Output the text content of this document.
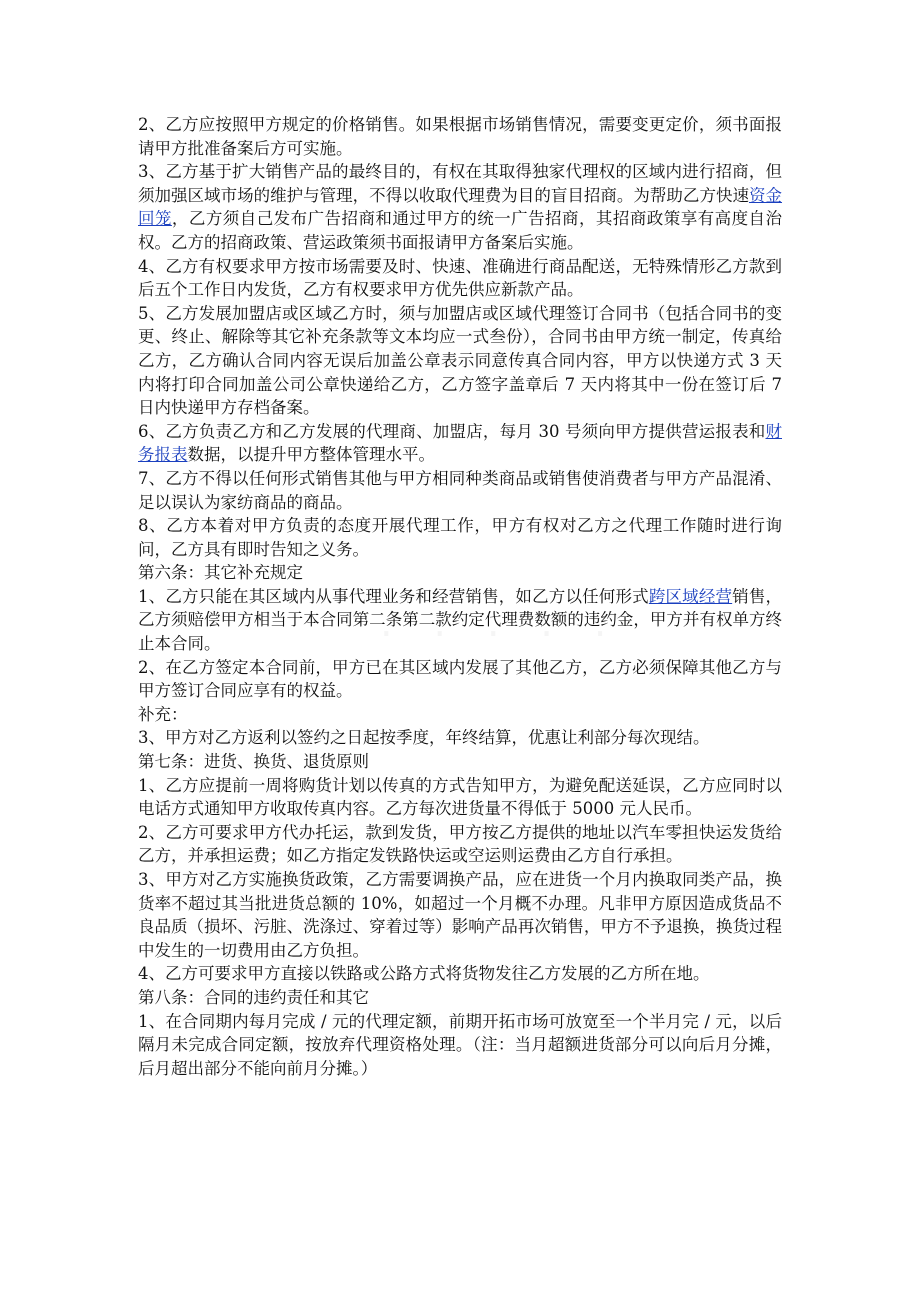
2、乙方应按照甲方规定的价格销售。如果根据市场销售情况，需要变更定价，须书面报请甲方批准备案后方可实施。

3、乙方基于扩大销售产品的最终目的，有权在其取得独家代理权的区域内进行招商，但须加强区域市场的维护与管理，不得以收取代理费为目的盲目招商。为帮助乙方快速资金回笼，乙方须自己发布广告招商和通过甲方的统一广告招商，其招商政策享有高度自治权。乙方的招商政策、营运政策须书面报请甲方备案后实施。

4、乙方有权要求甲方按市场需要及时、快速、准确进行商品配送，无特殊情形乙方款到后五个工作日内发货，乙方有权要求甲方优先供应新款产品。

5、乙方发展加盟店或区域乙方时，须与加盟店或区域代理签订合同书（包括合同书的变更、终止、解除等其它补充条款等文本均应一式叁份），合同书由甲方统一制定，传真给乙方，乙方确认合同内容无误后加盖公章表示同意传真合同内容，甲方以快递方式 3 天内将打印合同加盖公司公章快递给乙方，乙方签字盖章后 7 天内将其中一份在签订后 7 日内快递甲方存档备案。

6、乙方负责乙方和乙方发展的代理商、加盟店，每月 30 号须向甲方提供营运报表和财务报表数据，以提升甲方整体管理水平。

7、乙方不得以任何形式销售其他与甲方相同种类商品或销售使消费者与甲方产品混淆、足以误认为家纺商品的商品。

8、乙方本着对甲方负责的态度开展代理工作，甲方有权对乙方之代理工作随时进行询问，乙方具有即时告知之义务。

第六条：其它补充规定

1、乙方只能在其区域内从事代理业务和经营销售，如乙方以任何形式跨区域经营销售，乙方须赔偿甲方相当于本合同第二条第二款约定代理费数额的违约金，甲方并有权单方终止本合同。

2、在乙方签定本合同前，甲方已在其区域内发展了其他乙方，乙方必须保障其他乙方与甲方签订合同应享有的权益。

补充：

3、甲方对乙方返利以签约之日起按季度，年终结算，优惠让利部分每次现结。

第七条：进货、换货、退货原则

1、乙方应提前一周将购货计划以传真的方式告知甲方，为避免配送延误，乙方应同时以电话方式通知甲方收取传真内容。乙方每次进货量不得低于 5000 元人民币。

2、乙方可要求甲方代办托运，款到发货，甲方按乙方提供的地址以汽车零担快运发货给乙方，并承担运费；如乙方指定发铁路快运或空运则运费由乙方自行承担。

3、甲方对乙方实施换货政策，乙方需要调换产品，应在进货一个月内换取同类产品，换货率不超过其当批进货总额的 10%，如超过一个月概不办理。凡非甲方原因造成货品不良品质（损坏、污脏、洗涤过、穿着过等）影响产品再次销售，甲方不予退换，换货过程中发生的一切费用由乙方负担。

4、乙方可要求甲方直接以铁路或公路方式将货物发往乙方发展的乙方所在地。

第八条：合同的违约责任和其它

1、在合同期内每月完成 / 元的代理定额，前期开拓市场可放宽至一个半月完 / 元，以后隔月未完成合同定额，按放弃代理资格处理。（注：当月超额进货部分可以向后月分摊，后月超出部分不能向前月分摊。）
